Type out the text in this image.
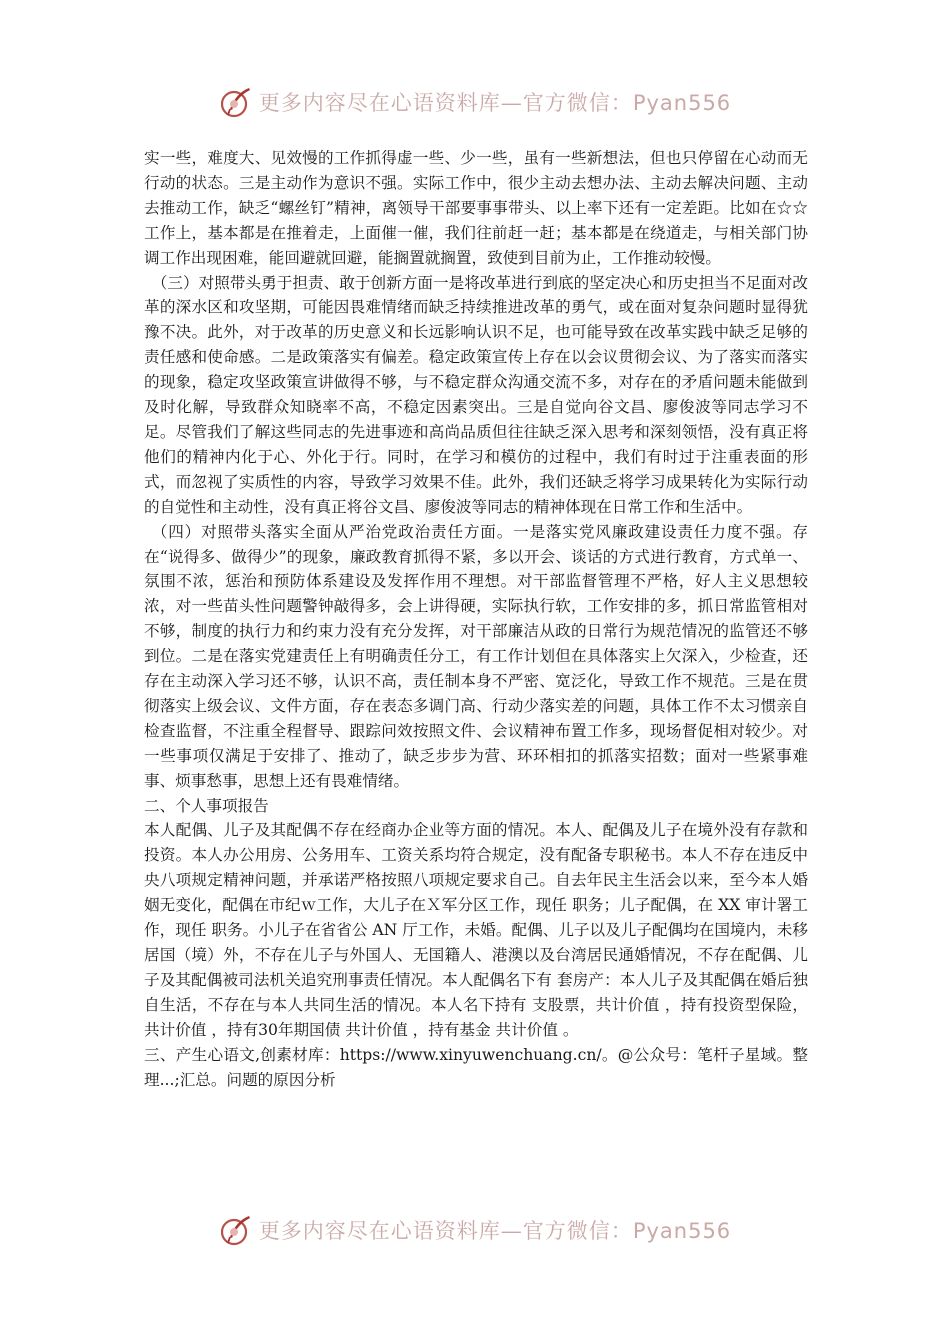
更多内容尽在心语资料库—官方微信：Pyan556

实一些，难度大、见效慢的工作抓得虚一些、少一些，虽有一些新想法，但也只停留在心动而无行动的状态。三是主动作为意识不强。实际工作中，很少主动去想办法、主动去解决问题、主动去推动工作，缺乏“螺丝钉”精神，离领导干部要事事带头、以上率下还有一定差距。比如在☆☆工作上，基本都是在推着走，上面催一催，我们往前赶一赶；基本都是在绕道走，与相关部门协调工作出现困难，能回避就回避，能搁置就搁置，致使到目前为止，工作推动较慢。

（三）对照带头勇于担责、敢于创新方面一是将改革进行到底的坚定决心和历史担当不足面对改革的深水区和攻坚期，可能因畏难情绪而缺乏持续推进改革的勇气，或在面对复杂问题时显得犹豫不决。此外，对于改革的历史意义和长远影响认识不足，也可能导致在改革实践中缺乏足够的责任感和使命感。二是政策落实有偏差。稳定政策宣传上存在以会议贯彻会议、为了落实而落实的现象，稳定攻坚政策宣讲做得不够，与不稳定群众沟通交流不多，对存在的矛盾问题未能做到及时化解，导致群众知晓率不高，不稳定因素突出。三是自觉向谷文昌、廖俊波等同志学习不足。尽管我们了解这些同志的先进事迹和高尚品质但往往缺乏深入思考和深刻领悟，没有真正将他们的精神内化于心、外化于行。同时，在学习和模仿的过程中，我们有时过于注重表面的形式，而忽视了实质性的内容，导致学习效果不佳。此外，我们还缺乏将学习成果转化为实际行动的自觉性和主动性，没有真正将谷文昌、廖俊波等同志的精神体现在日常工作和生活中。

（四）对照带头落实全面从严治党政治责任方面。一是落实党风廉政建设责任力度不强。存在“说得多、做得少”的现象，廉政教育抓得不紧，多以开会、谈话的方式进行教育，方式单一、氛围不浓，惩治和预防体系建设及发挥作用不理想。对干部监督管理不严格，好人主义思想较浓，对一些苗头性问题警钟敲得多，会上讲得硬，实际执行软，工作安排的多，抓日常监管相对不够，制度的执行力和约束力没有充分发挥，对干部廉洁从政的日常行为规范情况的监管还不够到位。二是在落实党建责任上有明确责任分工，有工作计划但在具体落实上欠深入，少检查，还存在主动深入学习还不够，认识不高，责任制本身不严密、宽泛化，导致工作不规范。三是在贯彻落实上级会议、文件方面，存在表态多调门高、行动少落实差的问题，具体工作不太习惯亲自检查监督，不注重全程督导、跟踪问效按照文件、会议精神布置工作多，现场督促相对较少。对一些事项仅满足于安排了、推动了，缺乏步步为营、环环相扣的抓落实招数；面对一些紧事难事、烦事愁事，思想上还有畏难情绪。

二、个人事项报告

本人配偶、儿子及其配偶不存在经商办企业等方面的情况。本人、配偶及儿子在境外没有存款和投资。本人办公用房、公务用车、工资关系均符合规定，没有配备专职秘书。本人不存在违反中央八项规定精神问题，并承诺严格按照八项规定要求自己。自去年民主生活会以来，至今本人婚姻无变化，配偶在市纪ｗ工作，大儿子在Ｘ军分区工作，现任 职务；儿子配偶，在 XX 审计署工作，现任 职务。小儿子在省省公 AN 厅工作，未婚。配偶、儿子以及儿子配偶均在国境内，未移居国（境）外，不存在儿子与外国人、无国籍人、港澳以及台湾居民通婚情况，不存在配偶、儿子及其配偶被司法机关追究刑事责任情况。本人配偶名下有 套房产：本人儿子及其配偶在婚后独自生活，不存在与本人共同生活的情况。本人名下持有 支股票，共计价值 ，持有投资型保险，共计价值 ，持有30年期国债 共计价值 ，持有基金 共计价值 。

三、产生心语文,创素材库：https://www.xinyuwenchuang.cn/。@公众号：笔杆子星域。整理...;汇总。问题的原因分析

更多内容尽在心语资料库—官方微信：Pyan556
